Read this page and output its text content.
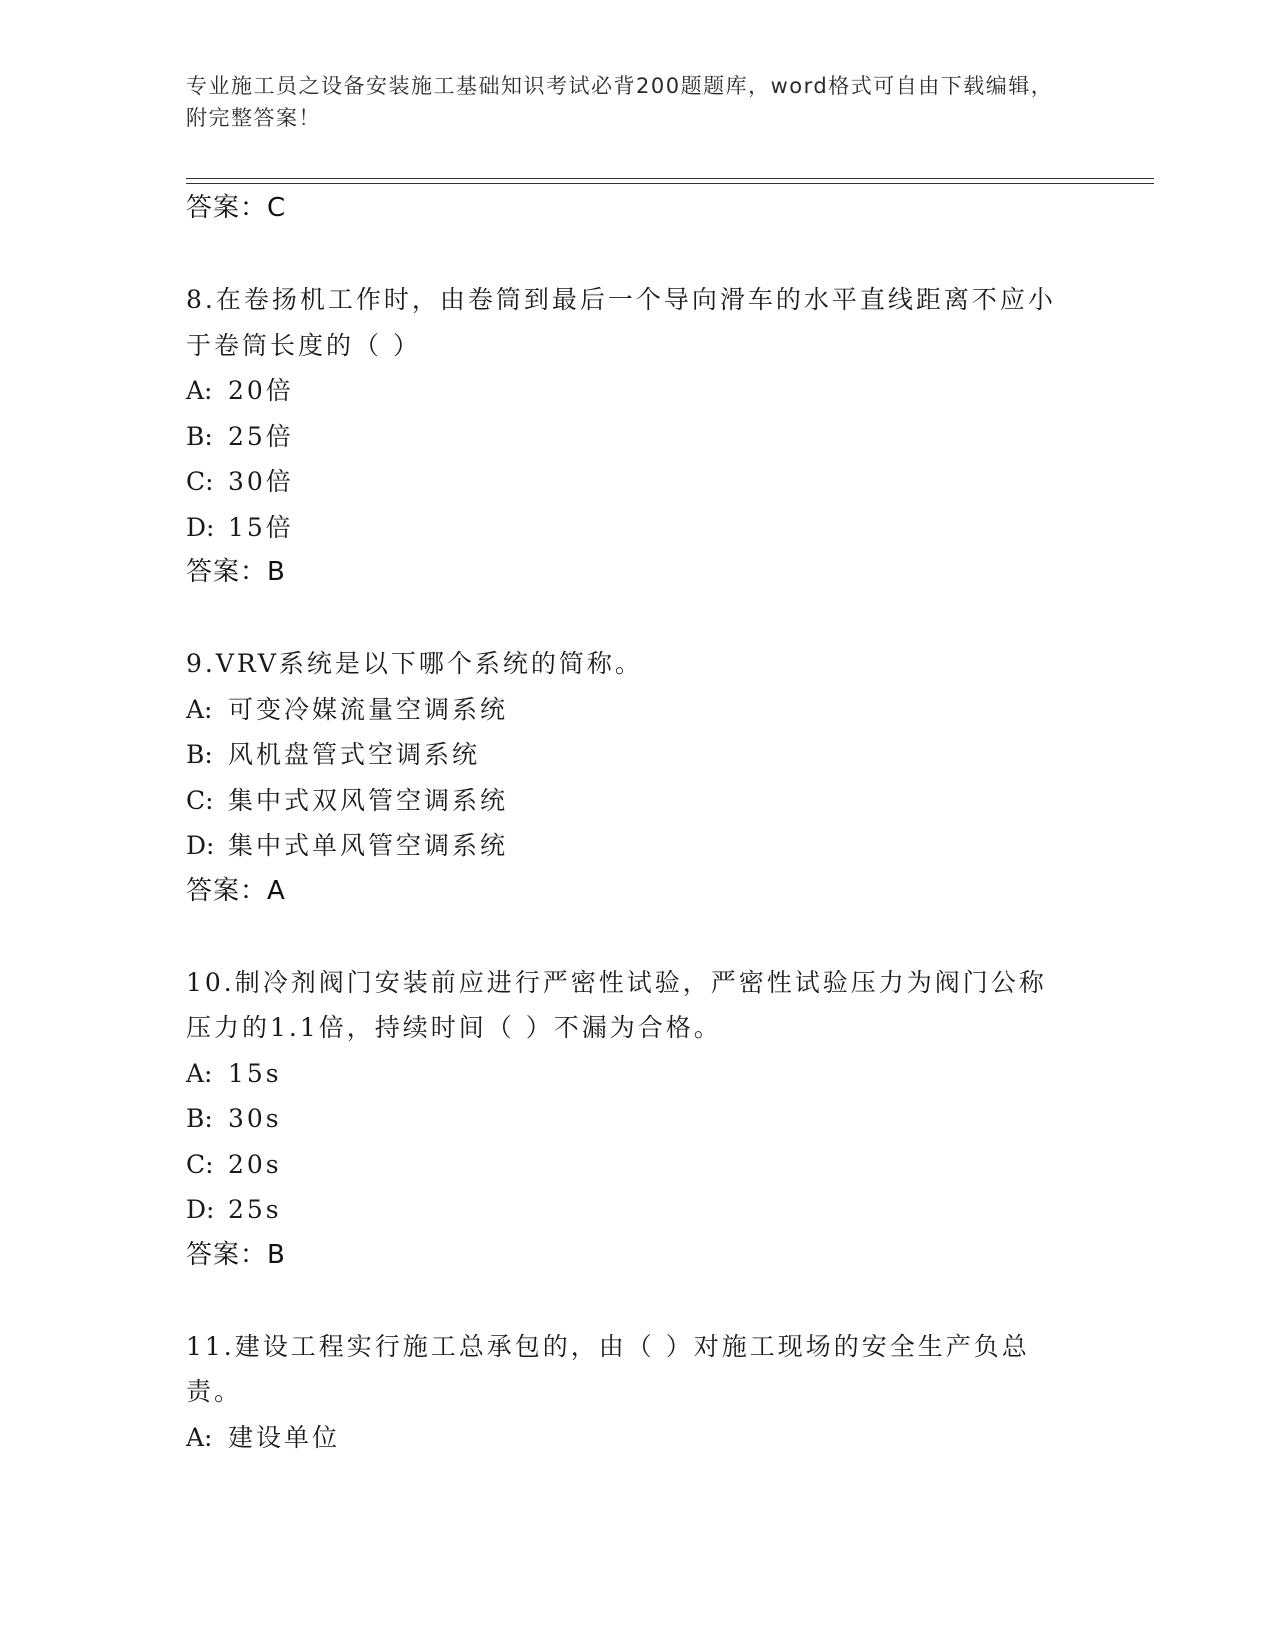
专业施工员之设备安装施工基础知识考试必背200题题库，word格式可自由下载编辑，附完整答案！
答案：C
8.在卷扬机工作时，由卷筒到最后一个导向滑车的水平直线距离不应小于卷筒长度的（ ）
A: 20倍
B: 25倍
C: 30倍
D: 15倍
答案：B
9.VRV系统是以下哪个系统的简称。
A: 可变冷媒流量空调系统
B: 风机盘管式空调系统
C: 集中式双风管空调系统
D: 集中式单风管空调系统
答案：A
10.制冷剂阀门安装前应进行严密性试验，严密性试验压力为阀门公称压力的1.1倍，持续时间（ ）不漏为合格。
A: 15s
B: 30s
C: 20s
D: 25s
答案：B
11.建设工程实行施工总承包的，由（ ）对施工现场的安全生产负总责。
A: 建设单位
